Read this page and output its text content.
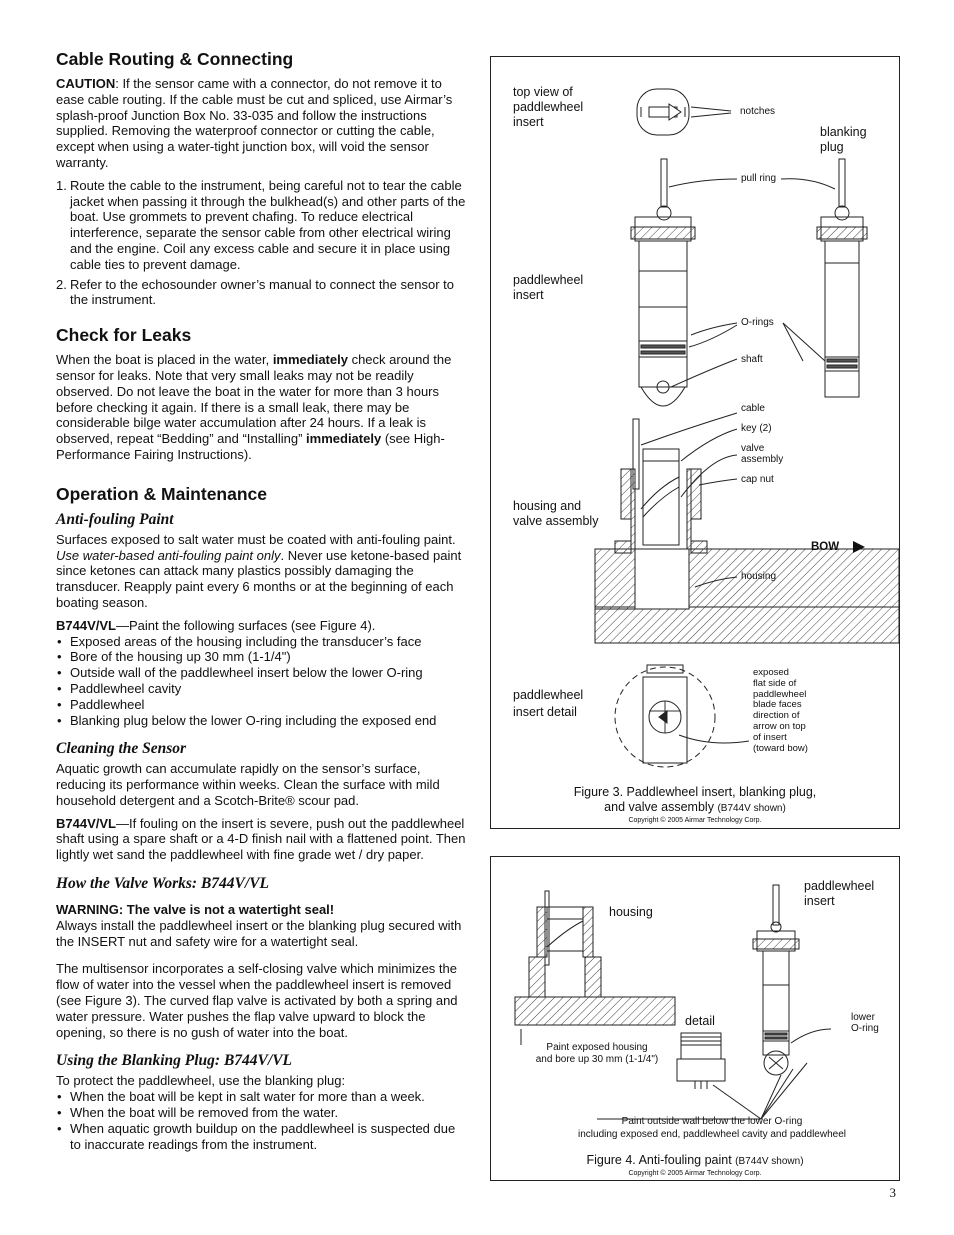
Cable Routing & Connecting

CAUTION: If the sensor came with a connector, do not remove it to ease cable routing. If the cable must be cut and spliced, use Airmar’s splash-proof Junction Box No. 33-035 and follow the instructions supplied. Removing the waterproof connector or cutting the cable, except when using a water-tight junction box, will void the sensor warranty.

1. Route the cable to the instrument, being careful not to tear the cable jacket when passing it through the bulkhead(s) and other parts of the boat. Use grommets to prevent chafing. To reduce electrical interference, separate the sensor cable from other electrical wiring and the engine. Coil any excess cable and secure it in place using cable ties to prevent damage.
2. Refer to the echosounder owner’s manual to connect the sensor to the instrument.
Check for Leaks

When the boat is placed in the water, immediately check around the sensor for leaks. Note that very small leaks may not be readily observed. Do not leave the boat in the water for more than 3 hours before checking it again. If there is a small leak, there may be considerable bilge water accumulation after 24 hours. If a leak is observed, repeat “Bedding” and “Installing” immediately (see High-Performance Fairing Instructions).

Operation & Maintenance
Anti-fouling Paint

Surfaces exposed to salt water must be coated with anti-fouling paint. Use water-based anti-fouling paint only. Never use ketone-based paint since ketones can attack many plastics possibly damaging the transducer. Reapply paint every 6 months or at the beginning of each boating season.

B744V/VL—Paint the following surfaces (see Figure 4).

• Exposed areas of the housing including the transducer’s face
• Bore of the housing up 30 mm (1-1/4")
• Outside wall of the paddlewheel insert below the lower O-ring
• Paddlewheel cavity
• Paddlewheel
• Blanking plug below the lower O-ring including the exposed end
Cleaning the Sensor

Aquatic growth can accumulate rapidly on the sensor’s surface, reducing its performance within weeks. Clean the surface with mild household detergent and a Scotch-Brite® scour pad.

B744V/VL—If fouling on the insert is severe, push out the paddlewheel shaft using a spare shaft or a 4-D finish nail with a flattened point. Then lightly wet sand the paddlewheel with fine grade wet / dry paper.

How the Valve Works: B744V/VL

WARNING: The valve is not a watertight seal!

Always install the paddlewheel insert or the blanking plug secured with the INSERT nut and safety wire for a watertight seal.

The multisensor incorporates a self-closing valve which minimizes the flow of water into the vessel when the paddlewheel insert is removed (see Figure 3). The curved flap valve is activated by both a spring and water pressure. Water pushes the flap valve upward to block the opening, so there is no gush of water into the boat.

Using the Blanking Plug: B744V/VL

To protect the paddlewheel, use the blanking plug:

• When the boat will be kept in salt water for more than a week.
• When the boat will be removed from the water.
• When aquatic growth buildup on the paddlewheel is suspected due to inaccurate readings from the instrument.
top view of
paddlewheel
insert
notches
blanking
plug
pull ring
paddlewheel
insert
O-rings
shaft
cable
key (2)
valve
assembly
cap nut
housing and
valve assembly
BOW
housing
paddlewheel
insert detail
exposed
flat side of
paddlewheel
blade faces
direction of
arrow on top
of insert
(toward bow)
Figure 3. Paddlewheel insert, blanking plug,
and valve assembly (B744V shown)
Copyright © 2005 Airmar Technology Corp.
housing
paddlewheel
insert
detail	lower
O-ring
Paint exposed housing
and bore up 30 mm (1-1/4")
Paint outside wall below the lower O-ring
including exposed end, paddlewheel cavity and paddlewheel
Figure 4. Anti-fouling paint (B744V shown)
Copyright © 2005 Airmar Technology Corp.
3
